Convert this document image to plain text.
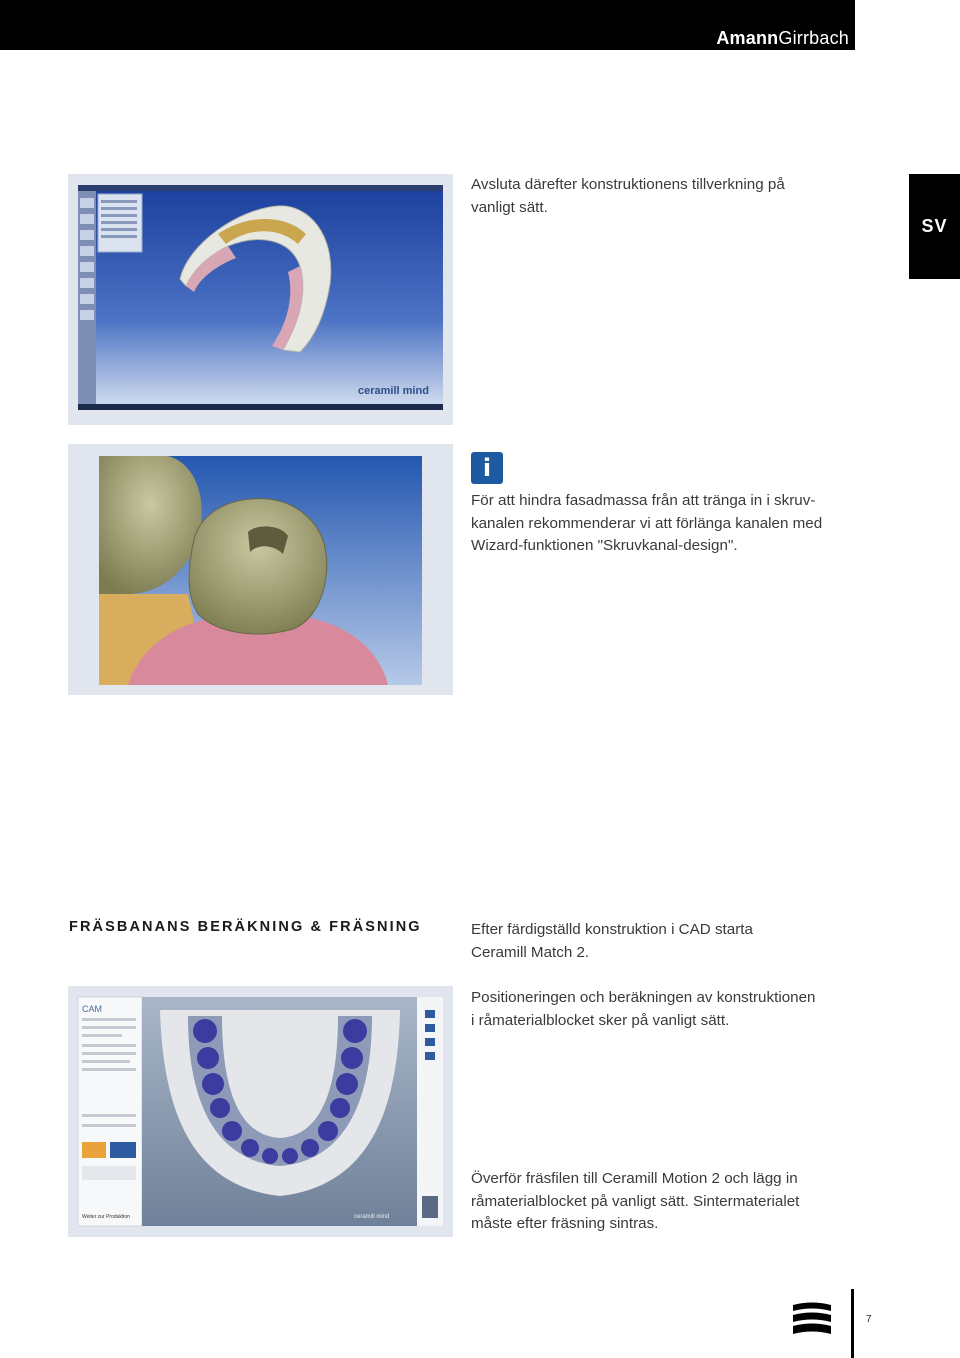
AmannGirrbach
SV
ceramill mind

Avsluta därefter konstruktionens tillverkning på
vanligt sätt.

i

För att hindra fasadmassa från att tränga in i skruv-
kanalen rekommenderar vi att förlänga kanalen med
Wizard-funktionen "Skruvkanal-design".

FRÄSBANANS BERÄKNING & FRÄSNING
CAM
Weiter zur Produktion	ceramill mind

Efter färdigställd konstruktion i CAD starta
Ceramill Match 2.

Positioneringen och beräkningen av konstruktionen
i råmaterialblocket sker på vanligt sätt.

Överför fräsfilen till Ceramill Motion 2 och lägg in
råmaterialblocket på vanligt sätt. Sintermaterialet
måste efter fräsning sintras.

7
